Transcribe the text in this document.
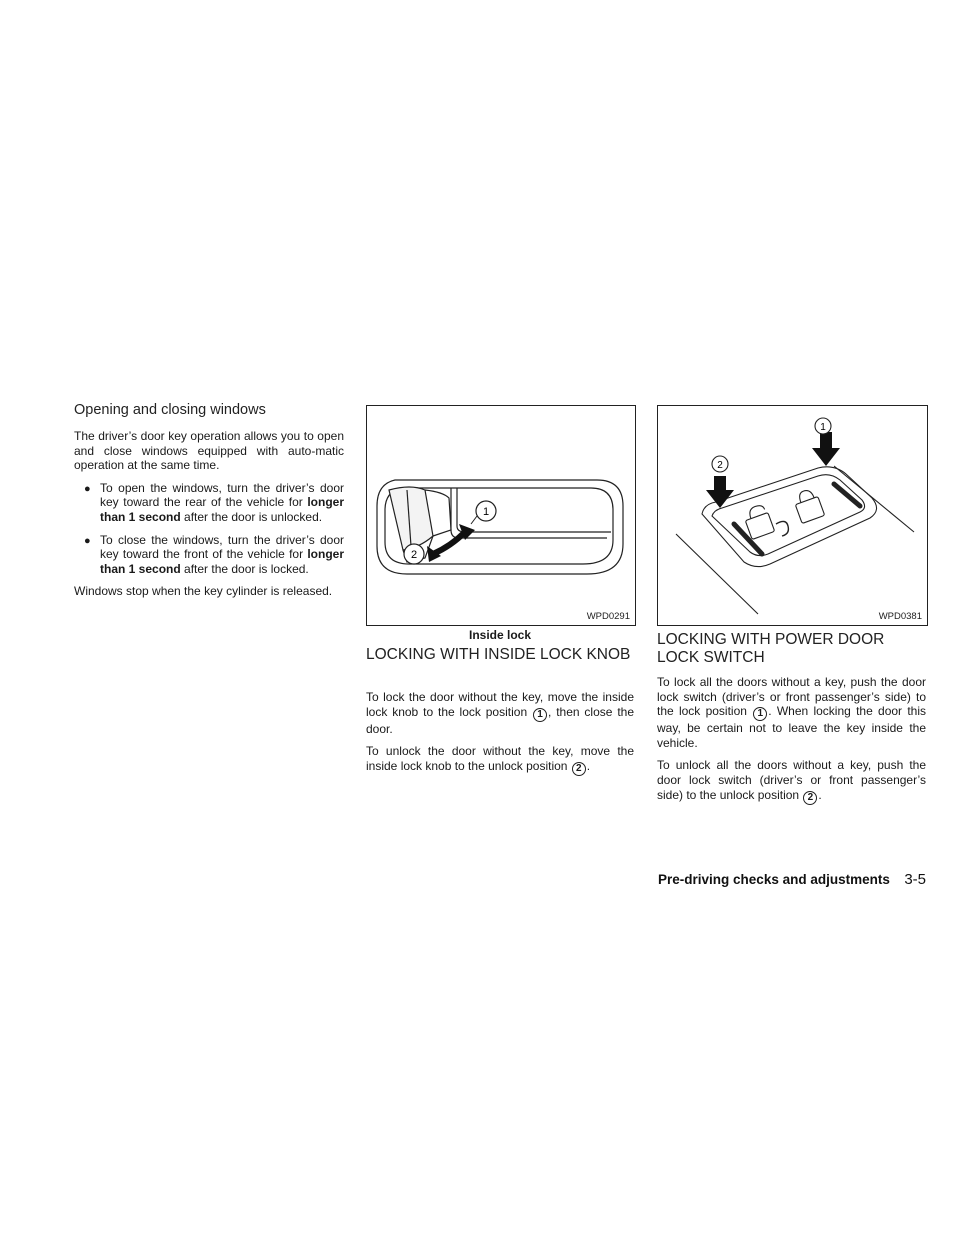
Opening and closing windows

The driver’s door key operation allows you to open and close windows equipped with auto-matic operation at the same time.

● To open the windows, turn the driver’s door key toward the rear of the vehicle for longer than 1 second after the door is unlocked.
● To close the windows, turn the driver’s door key toward the front of the vehicle for longer than 1 second after the door is locked.

Windows stop when the key cylinder is released.

1
2
WPD0291
Inside lock
LOCKING WITH INSIDE LOCK KNOB

To lock the door without the key, move the inside lock knob to the lock position 1 , then close the door.

To unlock the door without the key, move the inside lock knob to the unlock position 2 .

1
2
WPD0381
LOCKING WITH POWER DOOR LOCK SWITCH

To lock all the doors without a key, push the door lock switch (driver’s or front passenger’s side) to the lock position 1 . When locking the door this way, be certain not to leave the key inside the vehicle.

To unlock all the doors without a key, push the door lock switch (driver’s or front passenger’s side) to the unlock position 2 .

Pre-driving checks and adjustments 3-5
